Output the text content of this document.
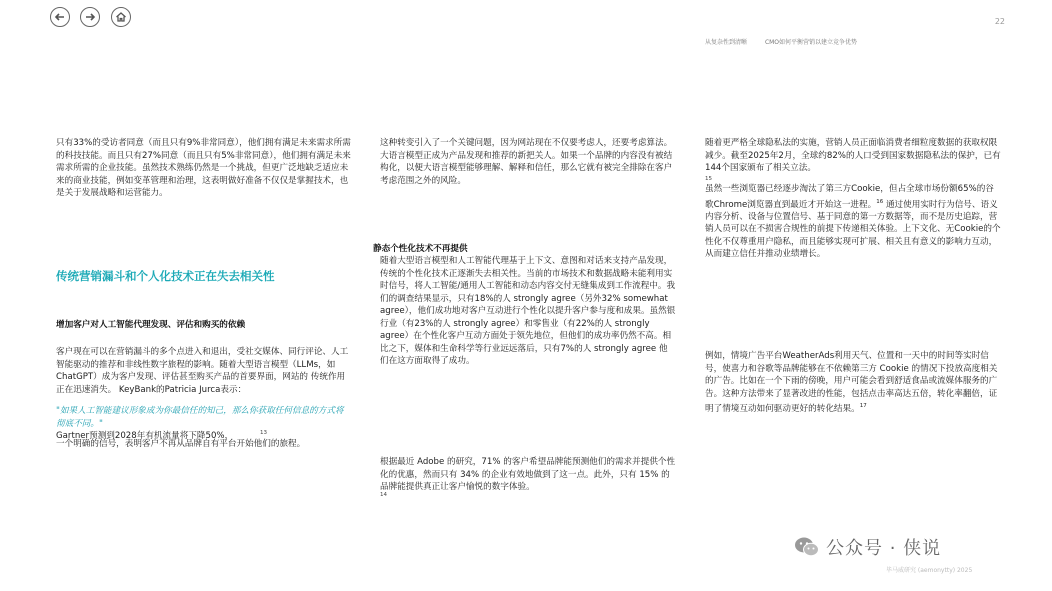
22
从复杂性到清晰	CMO如何平衡营销以建立竞争优势
只有33%的受访者同意（而且只有9%非常同意），他们拥有满足未来需求所需的科技技能。而且只有27%同意（而且只有5%非常同意），他们拥有满足未来需求所需的企业技能。虽然技术熟练仍然是一个挑战，但更广泛地缺乏适应未来的商业技能，例如变革管理和治理，这表明做好准备不仅仅是掌握技术，也是关于发展战略和运营能力。
传统营销漏斗和个人化技术正在失去相关性
增加客户对人工智能代理发现、评估和购买的依赖
客户现在可以在营销漏斗的多个点进入和退出，受社交媒体、同行评论、人工智能驱动的推荐和非线性数字旅程的影响。随着大型语言模型（LLMs，如ChatGPT）成为客户发现、评估甚至购买产品的首要界面，网站的 传统作用正在迅速消失。 KeyBank的Patricia Jurca表示：
"如果人工智能建议形象成为你最信任的知己，那么你获取任何信息的方式将彻底不同。"
Gartner预测到2028年有机流量将下降50%，	13
一个明确的信号，表明客户不再从品牌自有平台开始他们的旅程。
这种转变引入了一个关键问题，因为网站现在不仅要考虑人，还要考虑算法。大语言模型正成为产品发现和推荐的新把关人。如果一个品牌的内容没有被结构化，以便大语言模型能够理解、解释和信任，那么它就有被完全排除在客户考虑范围之外的风险。
静态个性化技术不再提供
随着大型语言模型和人工智能代理基于上下文、意图和对话来支持产品发现，传统的个性化技术正逐渐失去相关性。当前的市场技术和数据战略未能利用实时信号，将人工智能/通用人工智能和动态内容交付无缝集成到工作流程中。我们的调查结果显示，只有18%的人 strongly agree（另外32% somewhat agree），他们成功地对客户互动进行个性化以提升客户参与度和成果。虽然银行业（有23%的人 strongly agree）和零售业（有22%的人 strongly agree）在个性化客户互动方面处于领先地位，但他们的成功率仍然不高。相比之下，媒体和生命科学等行业远远落后，只有7%的人 strongly agree 他们在这方面取得了成功。
根据最近 Adobe 的研究，71% 的客户希望品牌能预测他们的需求并提供个性化的优惠，然而只有 34% 的企业有效地做到了这一点。此外，只有 15% 的品牌能提供真正让客户愉悦的数字体验。
14
随着更严格全球隐私法的实施，营销人员正面临消费者细粒度数据的获取权限减少。截至2025年2月，全球约82%的人口受到国家数据隐私法的保护，已有144个国家颁布了相关立法。
15
虽然一些浏览器已经逐步淘汰了第三方Cookie，但占全球市场份额65%的谷歌Chrome浏览器直到最近才开始这一进程。$^{16}$ 通过使用实时行为信号、语义内容分析、设备与位置信号、基于同意的第一方数据等，而不是历史追踪，营销人员可以在不损害合规性的前提下传递相关体验。上下文化、无Cookie的个性化不仅尊重用户隐私，而且能够实现可扩展、相关且有意义的影响力互动，从而建立信任并推动业绩增长。
例如，情境广告平台WeatherAds利用天气、位置和一天中的时间等实时信号，使喜力和谷歌等品牌能够在不依赖第三方 Cookie 的情况下投放高度相关的广告。比如在一个下雨的傍晚，用户可能会看到舒适食品或流媒体服务的广告。这种方法带来了显著改进的性能，包括点击率高达五倍，转化率翻倍，证明了情境互动如何驱动更好的转化结果。$^{17}$
公众号 · 侠说
毕马威研究 (aemonytty) 2025
